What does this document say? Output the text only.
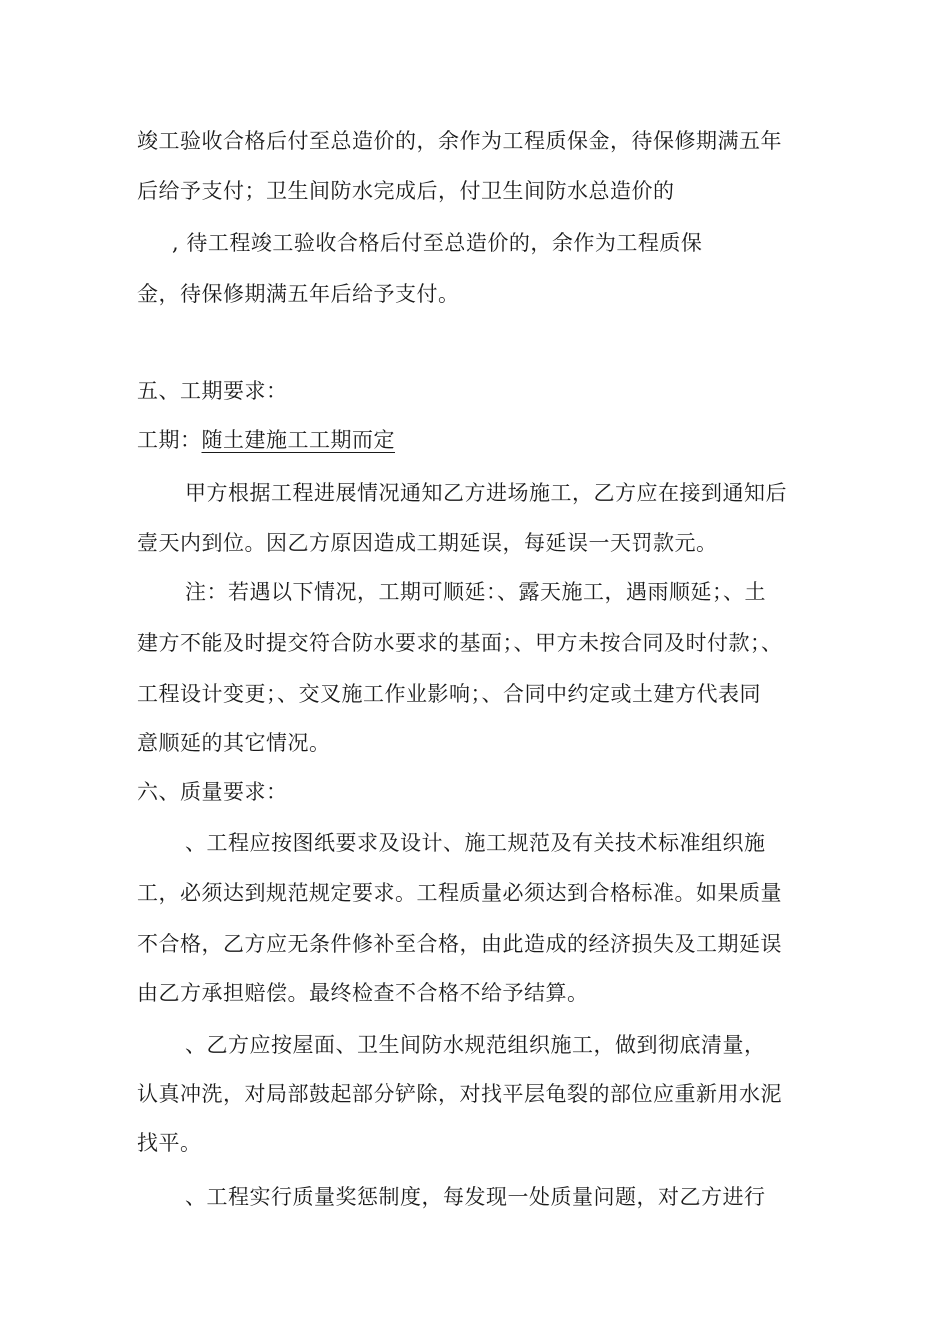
竣工验收合格后付至总造价的，余作为工程质保金，待保修期满五年
后给予支付；卫生间防水完成后，付卫生间防水总造价的
, 待工程竣工验收合格后付至总造价的，余作为工程质保
金，待保修期满五年后给予支付。
五、工期要求：
工期：随土建施工工期而定
甲方根据工程进展情况通知乙方进场施工，乙方应在接到通知后
壹天内到位。因乙方原因造成工期延误，每延误一天罚款元。
注：若遇以下情况，工期可顺延：、露天施工，遇雨顺延；、土
建方不能及时提交符合防水要求的基面；、甲方未按合同及时付款；、
工程设计变更；、交叉施工作业影响；、合同中约定或土建方代表同
意顺延的其它情况。
六、质量要求：
、工程应按图纸要求及设计、施工规范及有关技术标准组织施
工，必须达到规范规定要求。工程质量必须达到合格标准。如果质量
不合格，乙方应无条件修补至合格，由此造成的经济损失及工期延误
由乙方承担赔偿。最终检查不合格不给予结算。
、乙方应按屋面、卫生间防水规范组织施工，做到彻底清量，
认真冲洗，对局部鼓起部分铲除，对找平层龟裂的部位应重新用水泥
找平。
、工程实行质量奖惩制度，每发现一处质量问题，对乙方进行
